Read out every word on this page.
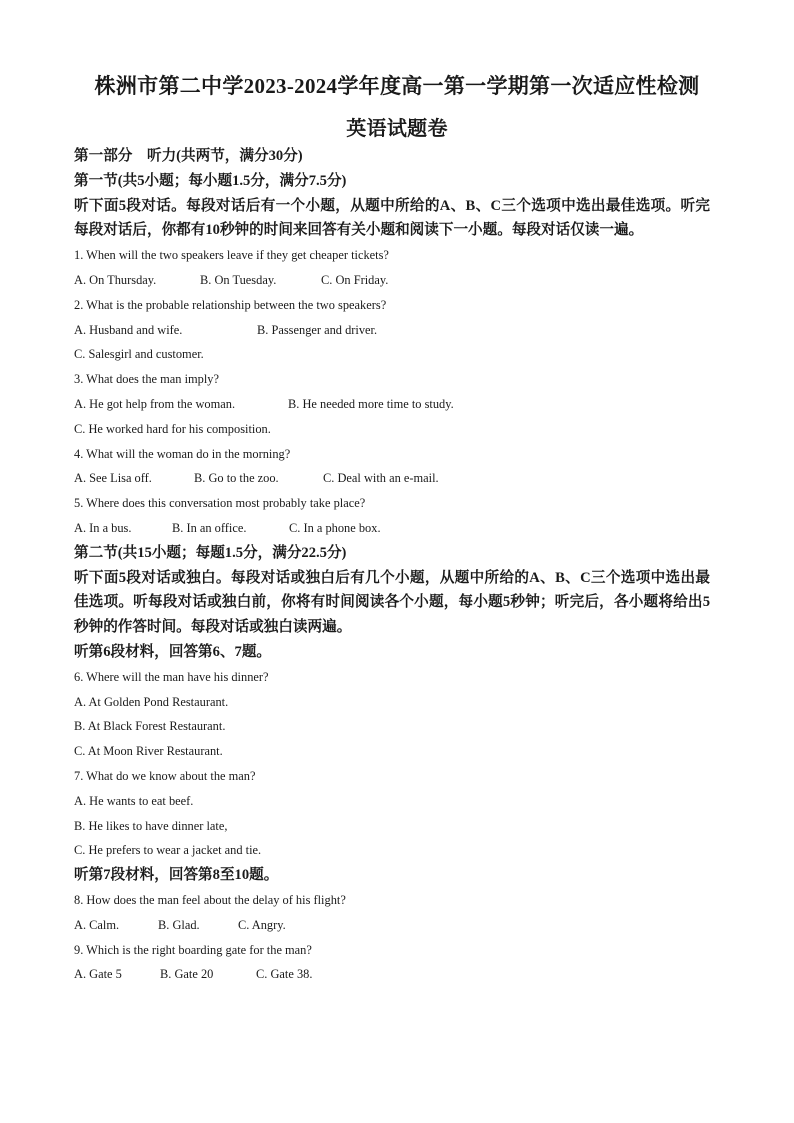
株洲市第二中学2023-2024学年度高一第一学期第一次适应性检测
英语试题卷
第一部分　听力(共两节，满分30分)
第一节(共5小题；每小题1.5分，满分7.5分)
听下面5段对话。每段对话后有一个小题，从题中所给的A、B、C三个选项中选出最佳选项。听完每段对话后，你都有10秒钟的时间来回答有关小题和阅读下一小题。每段对话仅读一遍。
1. When will the two speakers leave if they get cheaper tickets?
A. On Thursday.	B. On Tuesday.	C. On Friday.
2. What is the probable relationship between the two speakers?
A. Husband and wife.	B. Passenger and driver.
C. Salesgirl and customer.
3. What does the man imply?
A. He got help from the woman.	B. He needed more time to study.
C. He worked hard for his composition.
4. What will the woman do in the morning?
A. See Lisa off.	B. Go to the zoo.	C. Deal with an e-mail.
5. Where does this conversation most probably take place?
A. In a bus.	B. In an office.	C. In a phone box.
第二节(共15小题；每题1.5分，满分22.5分)
听下面5段对话或独白。每段对话或独白后有几个小题，从题中所给的A、B、C三个选项中选出最佳选项。听每段对话或独白前，你将有时间阅读各个小题，每小题5秒钟；听完后，各小题将给出5秒钟的作答时间。每段对话或独白读两遍。
听第6段材料，回答第6、7题。
6. Where will the man have his dinner?
A. At Golden Pond Restaurant.
B. At Black Forest Restaurant.
C. At Moon River Restaurant.
7. What do we know about the man?
A. He wants to eat beef.
B. He likes to have dinner late,
C. He prefers to wear a jacket and tie.
听第7段材料，回答第8至10题。
8. How does the man feel about the delay of his flight?
A. Calm.	B. Glad.	C. Angry.
9. Which is the right boarding gate for the man?
A. Gate 5	B. Gate 20	C. Gate 38.
